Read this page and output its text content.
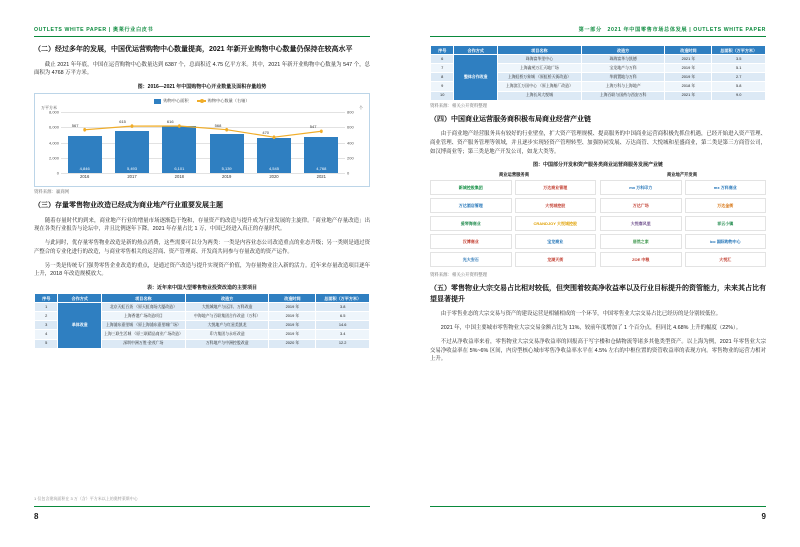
OUTLETS WHITE PAPER | 奥莱行业白皮书
（二）经过多年的发展，中国优运营购物中心数量提高，2021 年新开业购物中心数量仍保持在较高水平

截止 2021 年年底，中国在运营购物中心数量达到 6387 个，总面积近 4.75 亿平方米。其中，2021 年新开业购物中心数量为 547 个，总面积为 4768 万平方米。

图：2016—2021 年中国购物中心开业数量及面积存量趋势
购物中心面积	购物中心数量（右轴）
万平方米	个
0
2,000
4,000
6,000
8,000
0
200
400
600
800
4,846	5,493	6,101	5,139	4,545	4,768
567
615	616
568
470
547
2016	2017	2018	2019	2020	2021
资料来源：赢商网
（三）存量零售物业改造已经成为商业地产行业重要发展主题

随着存量时代的到来，商业地产行业的增量市场逐渐趋于饱和，存量资产的改造与提升成为行业发展的主旋律。「商业地产存量改造」出现在各类行业报告与论坛中，并且比例逐年下降。2021 年存量占比 1 万，中国已经进入真正的存量时代。

与此同时，优存量零售物业改造是新的热点消费，这些需要可以分为两类：一类是内容业态公司改造重点的业态升级；另一类则是通过资产整合的专业化进行的改造，与商业零售相关的运营商、资产管理商、开发商共同参与存量改造的资产运作。

另一类是传统专门强势零售企业改造的重点，是通过资产改造与提升实现资产价值，为存量物业注入新的活力。近年来存量改造项目逐年上升，2018 年改造规模放大。

表：近年来中国大型零售物业投资改造的主要项目
序号	合作方式	项目名称	改造方	改造时间	总面积（万平方米）
1	单体改造	北京天虹百货 （原天虹商场大厦改造）	大悦城地产与远洋、万科改造	2019 年	3.8
2		上海香港广场改造项目	中海地产与百联集团合作改造（万科）	2019 年	6.5
3		上海浦东嘉里城 （原上海浦东嘉里城广场）	大悦地产与红星美凯龙	2019 年	14.6
4		上海三联生活城 （原三联精品商业广场改造）	印力集团与永旺改造	2019 年	3.4
5		深圳中洲万胜·金茂广场	万科地产与中洲控股改造	2020 年	12.2
8
1 仅包含建筑面积在 3 万（含）平方米以上的奥特莱斯中心
第一部分　2021 年中国零售市场总体发展 | OUTLETS WHITE PAPER
序号	合作方式	项目名称	改造方	改造时间	总面积（万平方米）
6	整体合作改造	珠海富华里中心	珠海富华与凯德	2021 年	3.5
7		上海鑫苑万汇天地广场	宝龙地产与万科	2019 年	5.1
8		上海虹桥万象城 （原虹桥天街改造）	华润置地与万科	2019 年	2.7
9		上海滨江万国中心 （原上海船厂改造）	上海万科与上海地产	2018 年	5.8
10		上海长风大悦城	上海百联与国药与西安万科	2021 年	9.0
资料来源：相关公开资料整理
（四）中国商业运营服务商积极布局商业经营产业链

由于商业地产经营服务具有较好的行业壁垒，扩大资产管理规模、提高服务的中国商业运营商积极先抓住机遇，已经开始进入资产管理、商业管理、资产服务管理等领域，并且逐步实现轻资产管理转型、加强协同发展、万达商管、大悦城和星盛商业，第二类是第三方商管公司，如汉博商业等；第三类是地产开发公司，如龙大类等。

图：中国部分开发和资产服务类商业运营商服务发展产业链
商业运营服务商	商业地产开发商
新城控股集团	万达商业管理
万达酒店管理	大悦城控股
爱琴海商业	CRANDJOY 大悦城控股
汉博商业	宝龙商业
光大安石	龙湖天街
mx 万科印力	mx 万科商业
万达广场	万达金街
大悦春风里	祥云小镇
居然之家	ico 国际购物中心
ZOE 中粮	大悦汇
资料来源：相关公开资料整理
（五）零售物业大宗交易占比相对较低，但突围着较高净收益率以及行业目标提升的资管能力，未来其占比有望显著提升

由于零售业态的大宗交易与资产的建设运营是相辅相成的一个环节，中国零售业大宗交易占比已经历的是分别较低位。

2021 年，中国主要城市零售物业大宗交易金额占比为 11%，较前年度增加了 1 个百分点，但同比 4.68% 上升的幅度（22%）。

不过从净收益率来看，零售物业大宗交易净收益率的回报高于写字楼和仓储物流等诸多其他类型资产。以上海为例，2021 年零售业大宗交易净收益率在 5%~6% 区间，内房型核心城市零售净收益率水平在 4.5% 左右的中枢位置的资管收益率的表现方向。零售物业的运营力相对上升。

9
